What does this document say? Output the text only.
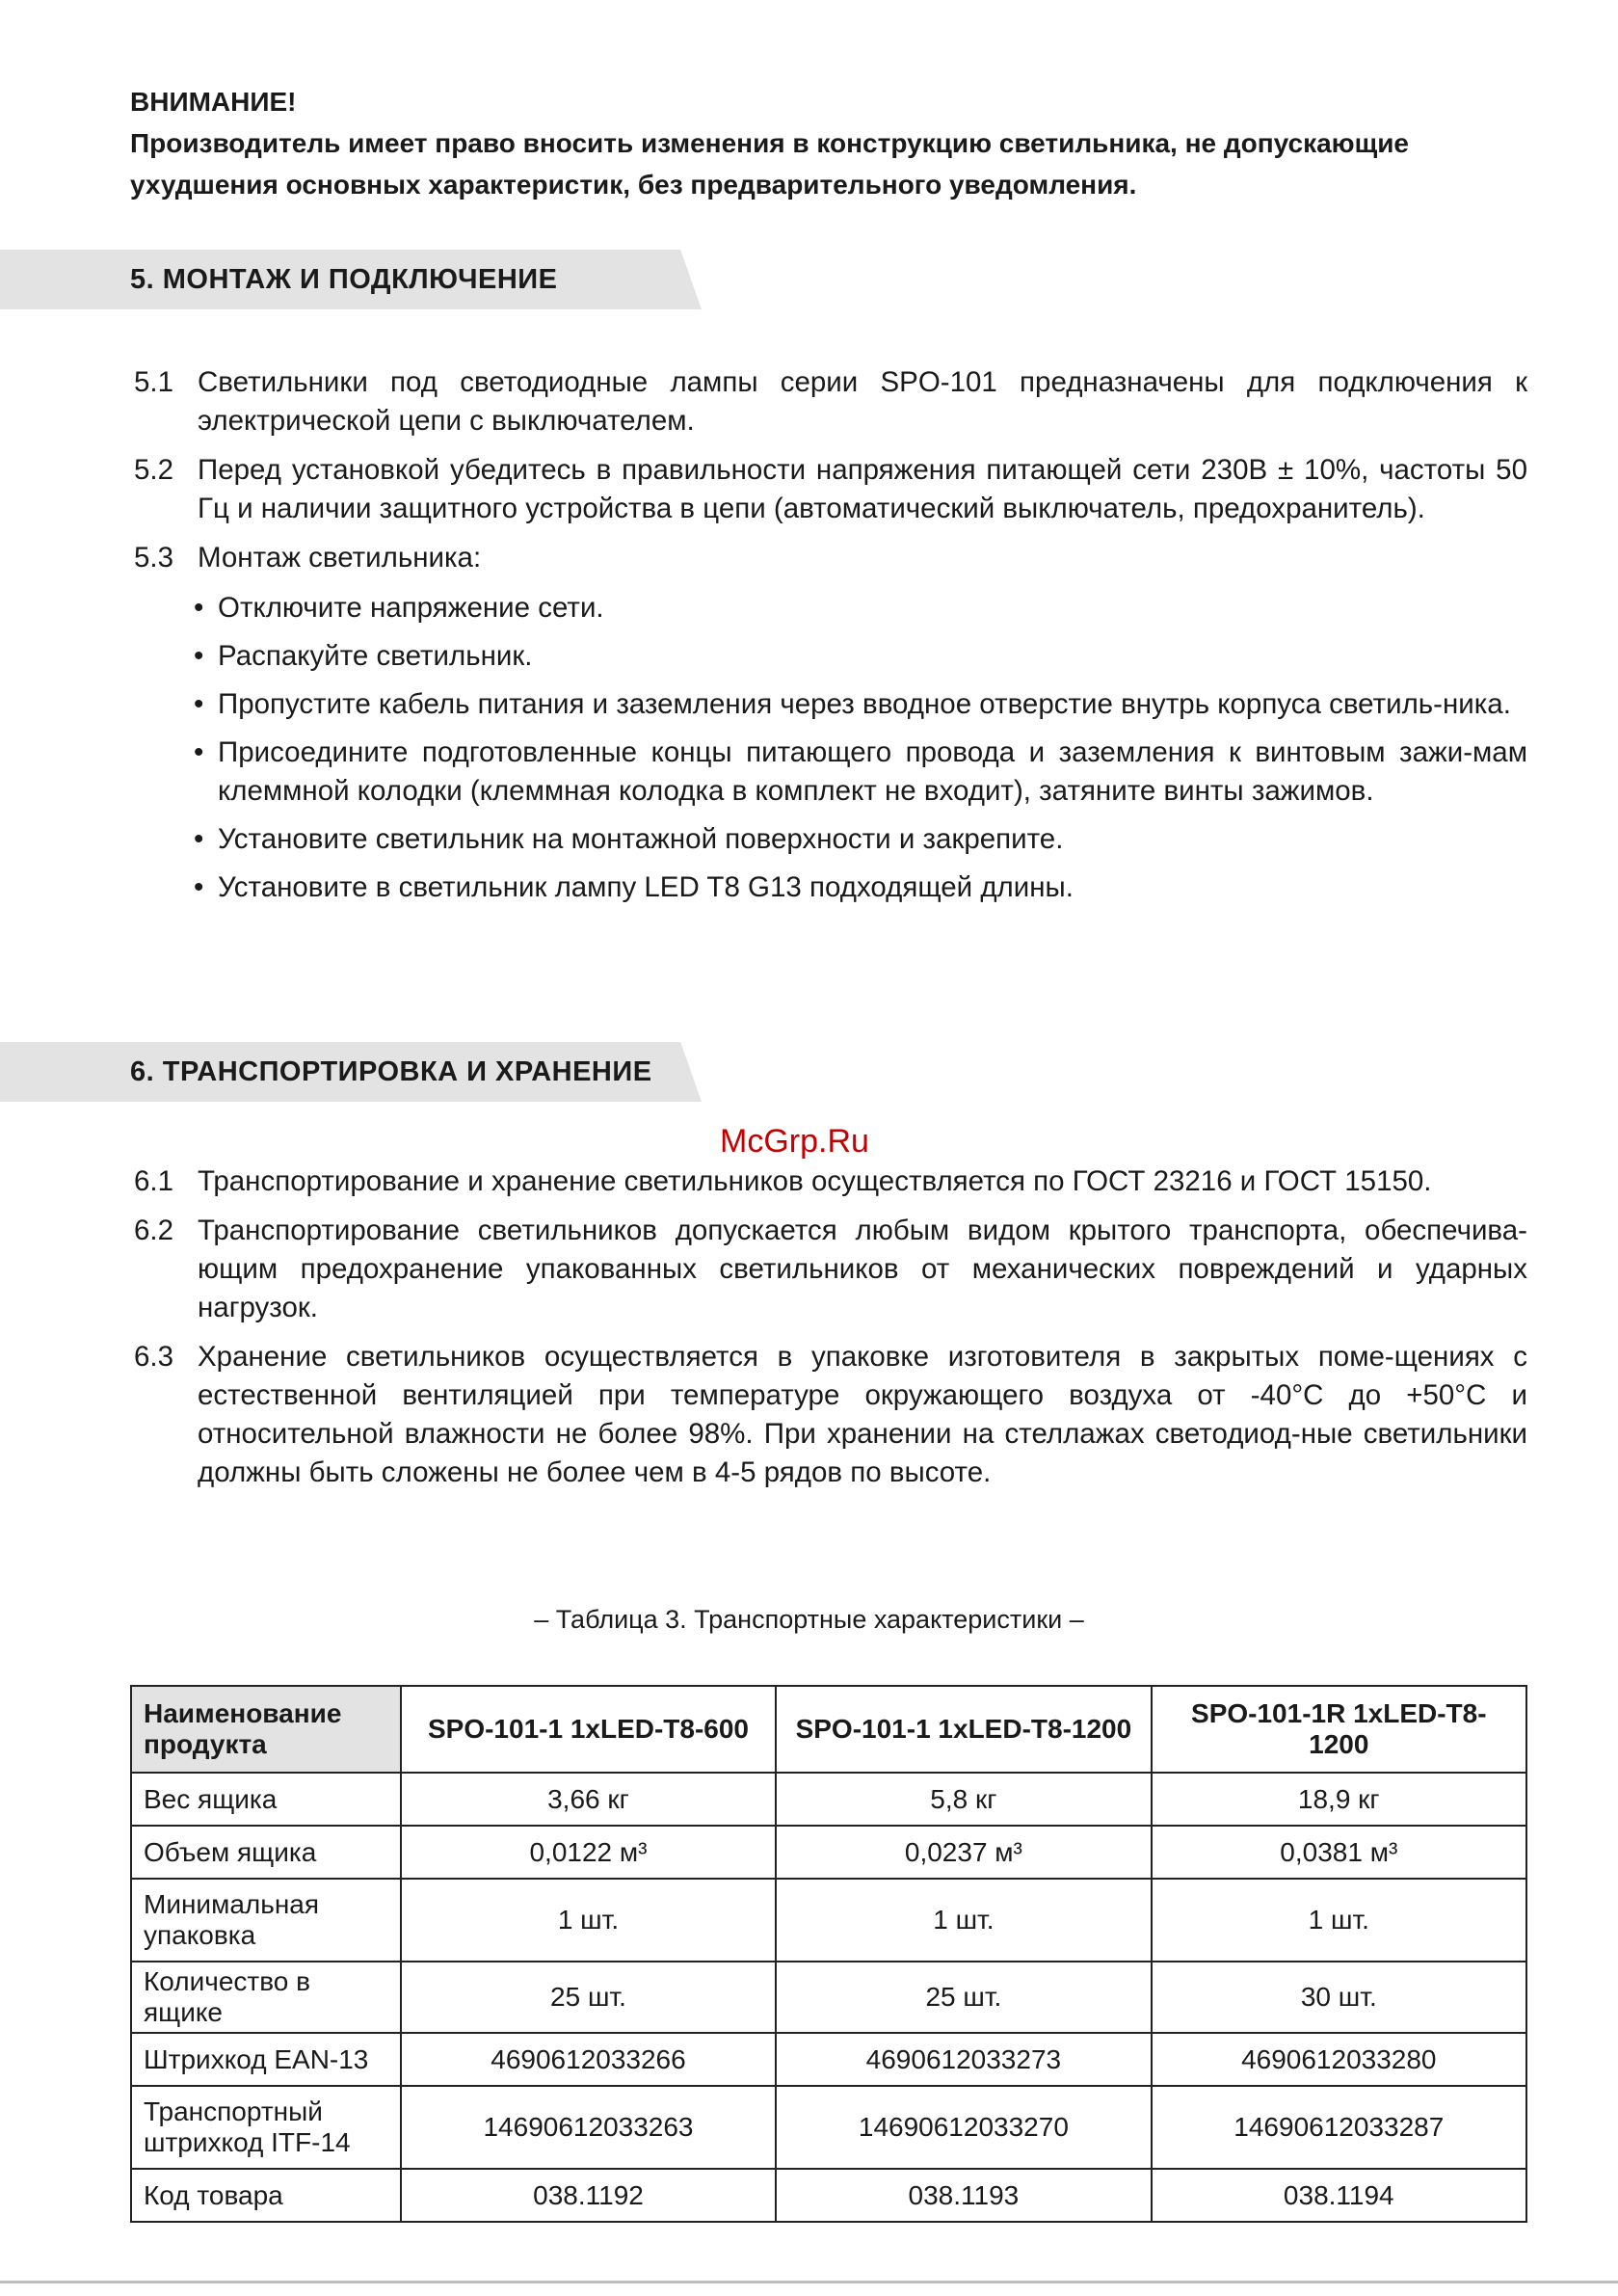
ВНИМАНИЕ!
Производитель имеет право вносить изменения в конструкцию светильника, не допускающие
ухудшения основных характеристик, без предварительного уведомления.
5. МОНТАЖ И ПОДКЛЮЧЕНИЕ
5.1 Светильники под светодиодные лампы серии SPO-101 предназначены для подключения к электрической цепи с выключателем.
5.2 Перед установкой убедитесь в правильности напряжения питающей сети 230В ± 10%, частоты 50 Гц и наличии защитного устройства в цепи (автоматический выключатель, предохранитель).
5.3 Монтаж светильника:
• Отключите напряжение сети.
• Распакуйте светильник.
• Пропустите кабель питания и заземления через вводное отверстие внутрь корпуса светиль-ника.
• Присоедините подготовленные концы питающего провода и заземления к винтовым зажи-мам клеммной колодки (клеммная колодка в комплект не входит), затяните винты зажимов.
• Установите светильник на монтажной поверхности и закрепите.
• Установите в светильник лампу LED T8 G13 подходящей длины.
6. ТРАНСПОРТИРОВКА И ХРАНЕНИЕ
McGrp.Ru
6.1 Транспортирование и хранение светильников осуществляется по ГОСТ 23216 и ГОСТ 15150.
6.2 Транспортирование светильников допускается любым видом крытого транспорта, обеспечива-ющим предохранение упакованных светильников от механических повреждений и ударных нагрузок.
6.3 Хранение светильников осуществляется в упаковке изготовителя в закрытых поме-щениях с естественной вентиляцией при температуре окружающего воздуха от -40°C до +50°C и относительной влажности не более 98%. При хранении на стеллажах светодиод-ные светильники должны быть сложены не более чем в 4-5 рядов по высоте.
– Таблица 3. Транспортные характеристики –
Наименование продукта	SPO-101-1 1xLED-T8-600	SPO-101-1 1xLED-T8-1200	SPO-101-1R 1xLED-T8-1200
Вес ящика	3,66 кг	5,8 кг	18,9 кг
Объем ящика	0,0122 м³	0,0237 м³	0,0381 м³
Минимальная упаковка	1 шт.	1 шт.	1 шт.
Количество в ящике	25 шт.	25 шт.	30 шт.
Штрихкод EAN-13	4690612033266	4690612033273	4690612033280
Транспортный штрихкод ITF-14	14690612033263	14690612033270	14690612033287
Код товара	038.1192	038.1193	038.1194
